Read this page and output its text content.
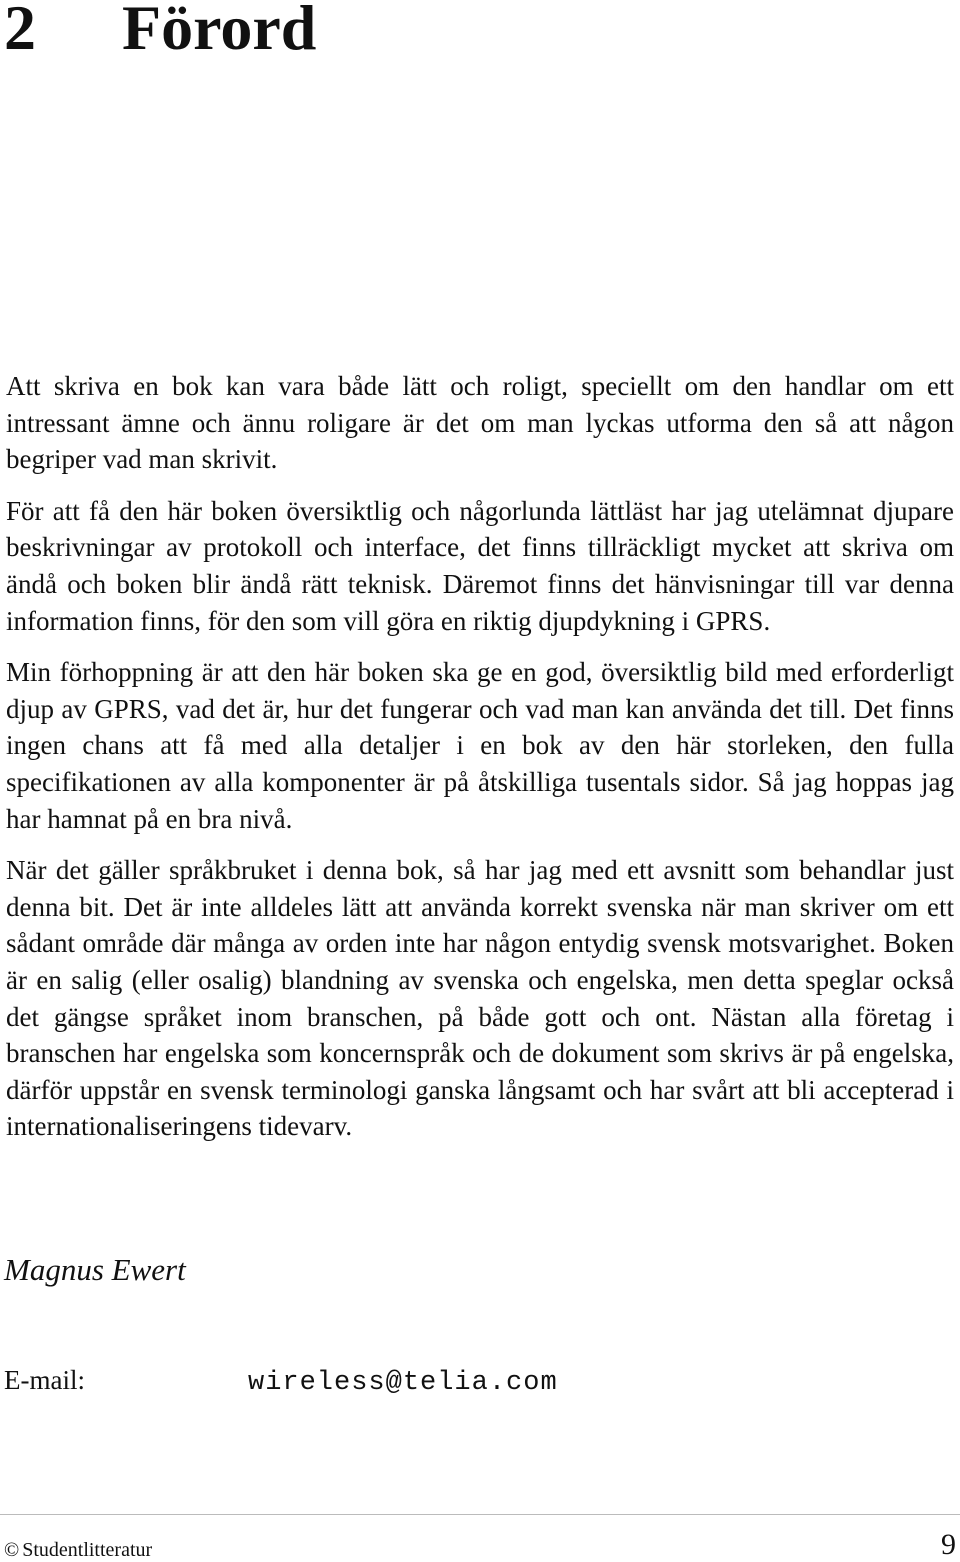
2 Förord

Att skriva en bok kan vara både lätt och roligt, speciellt om den handlar om ett intressant ämne och ännu roligare är det om man lyckas utforma den så att någon begriper vad man skrivit.

För att få den här boken översiktlig och någorlunda lättläst har jag utelämnat djupare beskrivningar av protokoll och interface, det finns tillräckligt mycket att skriva om ändå och boken blir ändå rätt teknisk. Däremot finns det hänvisningar till var denna information finns, för den som vill göra en riktig djupdykning i GPRS.

Min förhoppning är att den här boken ska ge en god, översiktlig bild med erforderligt djup av GPRS, vad det är, hur det fungerar och vad man kan använda det till. Det finns ingen chans att få med alla detaljer i en bok av den här storleken, den fulla specifikationen av alla komponenter är på åtskilliga tusentals sidor. Så jag hoppas jag har hamnat på en bra nivå.

När det gäller språkbruket i denna bok, så har jag med ett avsnitt som behandlar just denna bit. Det är inte alldeles lätt att använda korrekt svenska när man skriver om ett sådant område där många av orden inte har någon entydig svensk motsvarighet. Boken är en salig (eller osalig) blandning av svenska och engelska, men detta speglar också det gängse språket inom branschen, på både gott och ont. Nästan alla företag i branschen har engelska som koncernspråk och de dokument som skrivs är på engelska, därför uppstår en svensk terminologi ganska långsamt och har svårt att bli accepterad i internationaliseringens tidevarv.

Magnus Ewert
E-mail:	wireless@telia.com
© Studentlitteratur	9
